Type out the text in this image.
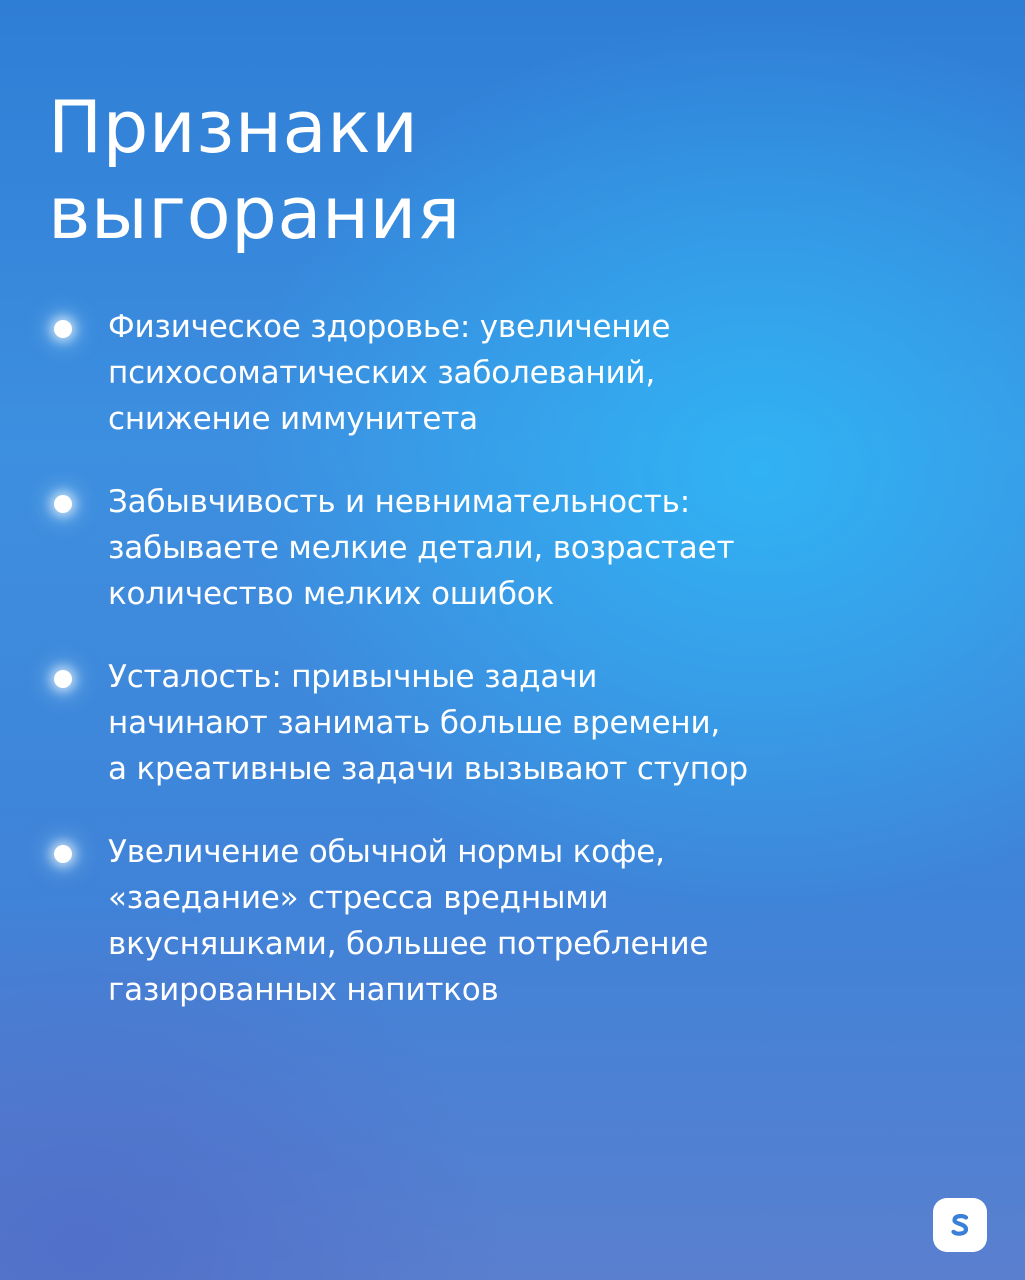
Признаки
выгорания
Физическое здоровье: увеличение
психосоматических заболеваний,
снижение иммунитета
Забывчивость и невнимательность:
забываете мелкие детали, возрастает
количество мелких ошибок
Усталость: привычные задачи
начинают занимать больше времени,
а креативные задачи вызывают ступор
Увеличение обычной нормы кофе,
«заедание» стресса вредными
вкусняшками, большее потребление
газированных напитков
